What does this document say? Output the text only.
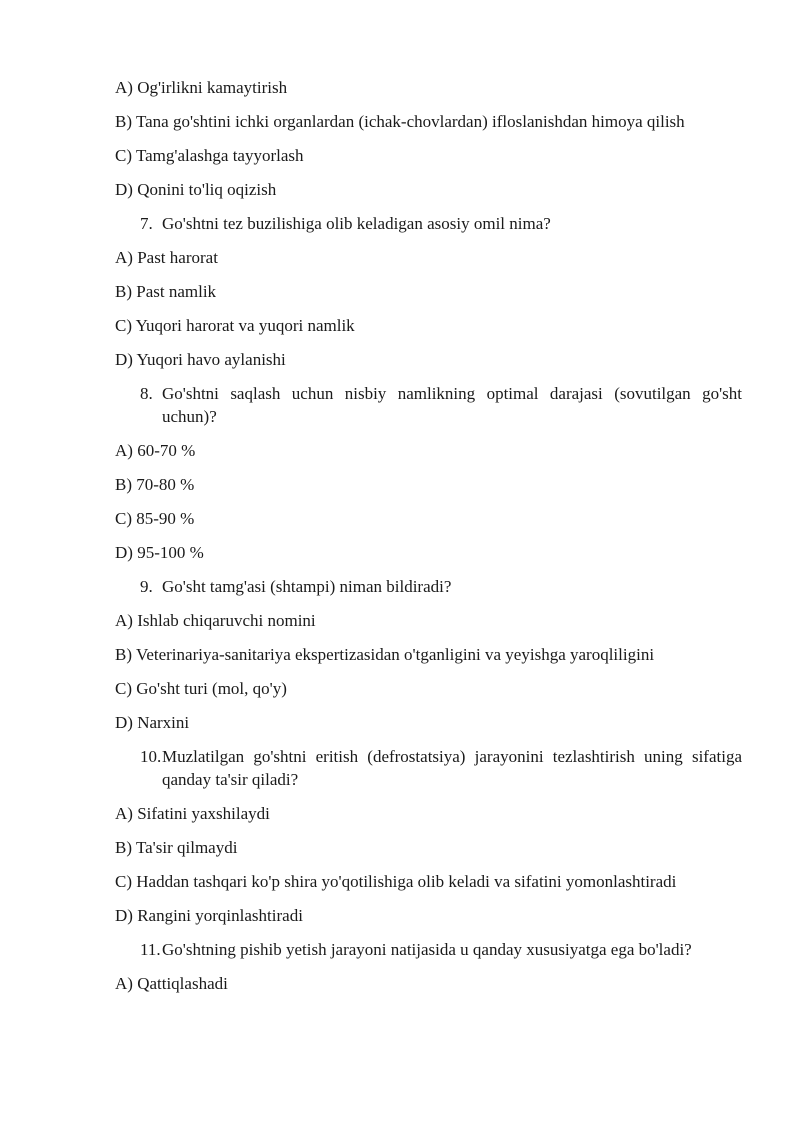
A) Og'irlikni kamaytirish

B) Tana go'shtini ichki organlardan (ichak-chovlardan) ifloslanishdan himoya qilish

C) Tamg'alashga tayyorlash

D) Qonini to'liq oqizish

7. Go'shtni tez buzilishiga olib keladigan asosiy omil nima?

A) Past harorat

B) Past namlik

C) Yuqori harorat va yuqori namlik

D) Yuqori havo aylanishi

8. Go'shtni saqlash uchun nisbiy namlikning optimal darajasi (sovutilgan go'sht uchun)?

A) 60-70 %

B) 70-80 %

C) 85-90 %

D) 95-100 %

9. Go'sht tamg'asi (shtampi) niman bildiradi?

A) Ishlab chiqaruvchi nomini

B) Veterinariya-sanitariya ekspertizasidan o'tganligini va yeyishga yaroqliligini

C) Go'sht turi (mol, qo'y)

D) Narxini

10. Muzlatilgan go'shtni eritish (defrostatsiya) jarayonini tezlashtirish uning sifatiga qanday ta'sir qiladi?

A) Sifatini yaxshilaydi

B) Ta'sir qilmaydi

C) Haddan tashqari ko'p shira yo'qotilishiga olib keladi va sifatini yomonlashtiradi

D) Rangini yorqinlashtiradi

11. Go'shtning pishib yetish jarayoni natijasida u qanday xususiyatga ega bo'ladi?

A) Qattiqlashadi
